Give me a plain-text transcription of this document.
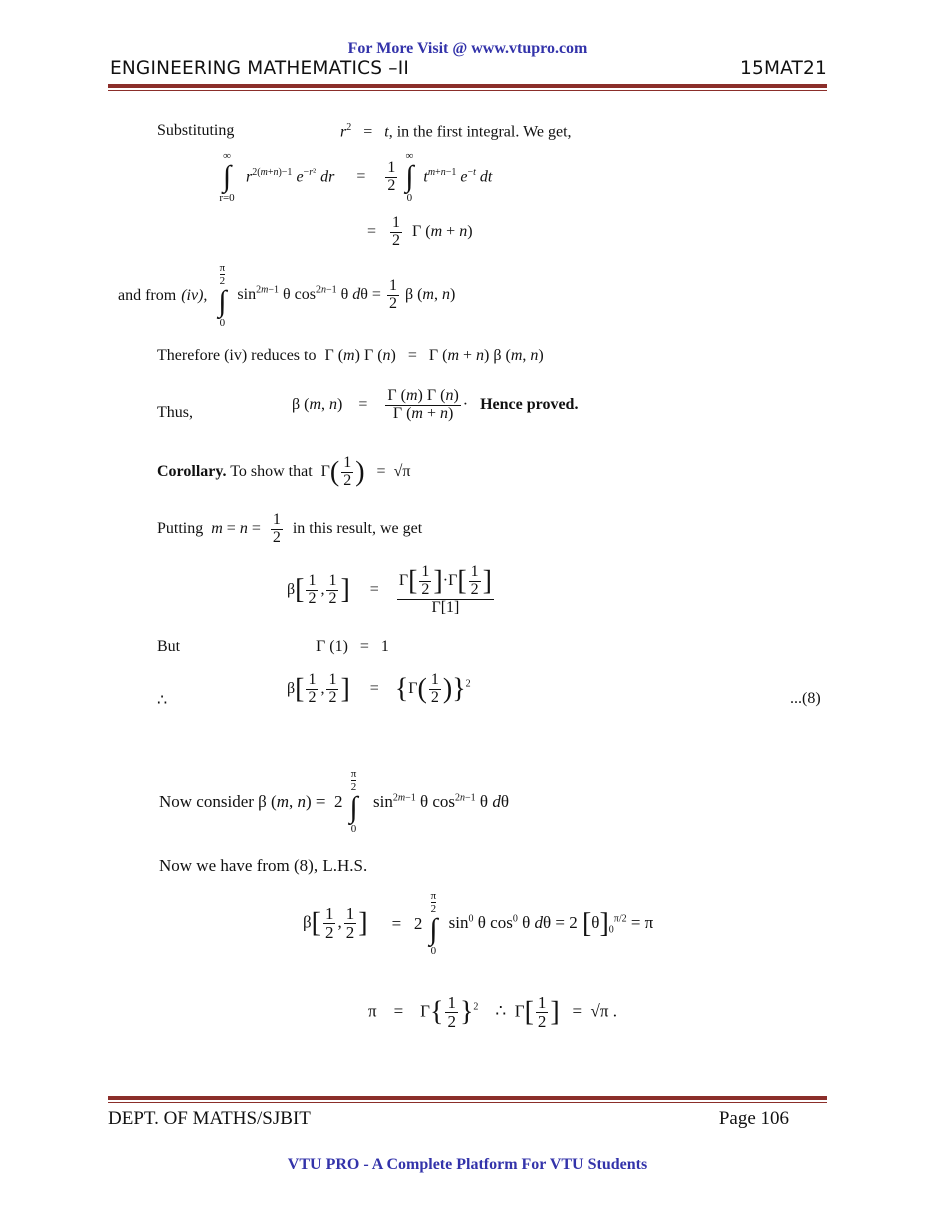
For More Visit @ www.vtupro.com
ENGINEERING MATHEMATICS –II	15MAT21
Substituting	$r^2 = t$, in the first integral. We get,
∞
∫
r=0
$r^{2(m+n)-1}$ $e^{-r^2}$ dr = $\frac{1}{2}$
∞
∫
0
$t^{m+n-1}$ $e^{-t}$ dt
= $\frac{1}{2}$ Γ (m + n)
and from (iv),
π
2
∫
0
$\sin^{2m-1} \theta$ $\cos^{2n-1} \theta$ $d\theta = \frac{1}{2}$ β (m, n)
Therefore (iv) reduces to  Γ (m) Γ (n)   =   Γ (m + n) β (m, n)
Thus,	β (m, n)    = $\frac{\Gamma (m) \Gamma (n)}{\Gamma (m + n)}$ ·   Hence proved.
Corollary. To show that  $\Gamma( \frac{1}{2}$ )   =  √π
Putting $m = n = \frac{1}{2}$ in this result, we get
$\beta[ \frac{1}{2}$ , $\frac{1}{2}$ ]     = $\frac{\Gamma[ \frac{1}{2} ]\cdot\Gamma[ \frac{1}{2} ]}{\Gamma[1]}$
But	Γ (1)   =   1
∴
$\beta[ \frac{1}{2}$ , $\frac{1}{2}$ ]     =    $\{\Gamma( \frac{1}{2} )\}^2$
...(8)
Now consider β (m, n) =  2
π
2
∫
0
$\sin^{2m-1} \theta$ $\cos^{2n-1} \theta$ dθ
Now we have from (8), L.H.S.
$\beta[ \frac{1}{2}$ , $\frac{1}{2}$ ] =   2
π
2
∫
0
$\sin^0 \theta$ $\cos^0 \theta$ dθ = 2 $[\theta]_0^{\pi/2} = \pi$
π    =    $\Gamma\{ \frac{1}{2} \}^2$    ∴  $\Gamma[ \frac{1}{2}$ ]   =  √π .
DEPT. OF MATHS/SJBIT	Page 106
VTU PRO - A Complete Platform For VTU Students
